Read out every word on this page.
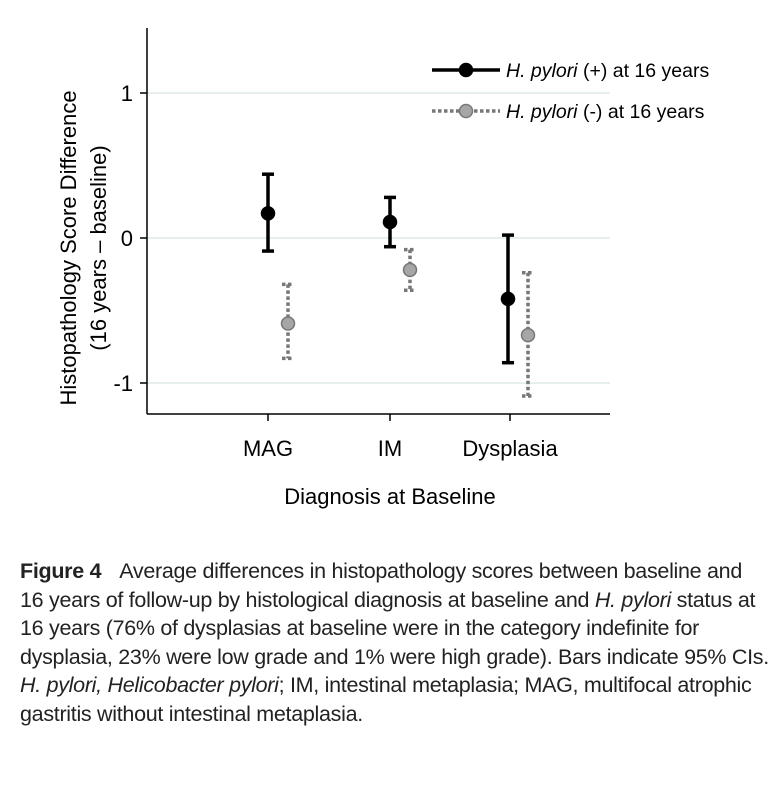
1
0
-1
MAG	IM	Dysplasia
Diagnosis at Baseline
Histopathology Score Difference (16 years – baseline)
H. pylori (+) at 16 years
H. pylori (-) at 16 years
Figure 4 Average differences in histopathology scores between baseline and 16 years of follow-up by histological diagnosis at baseline and H. pylori status at 16 years (76% of dysplasias at baseline were in the category indefinite for dysplasia, 23% were low grade and 1% were high grade). Bars indicate 95% CIs. H. pylori, Helicobacter pylori; IM, intestinal metaplasia; MAG, multifocal atrophic gastritis without intestinal metaplasia.
